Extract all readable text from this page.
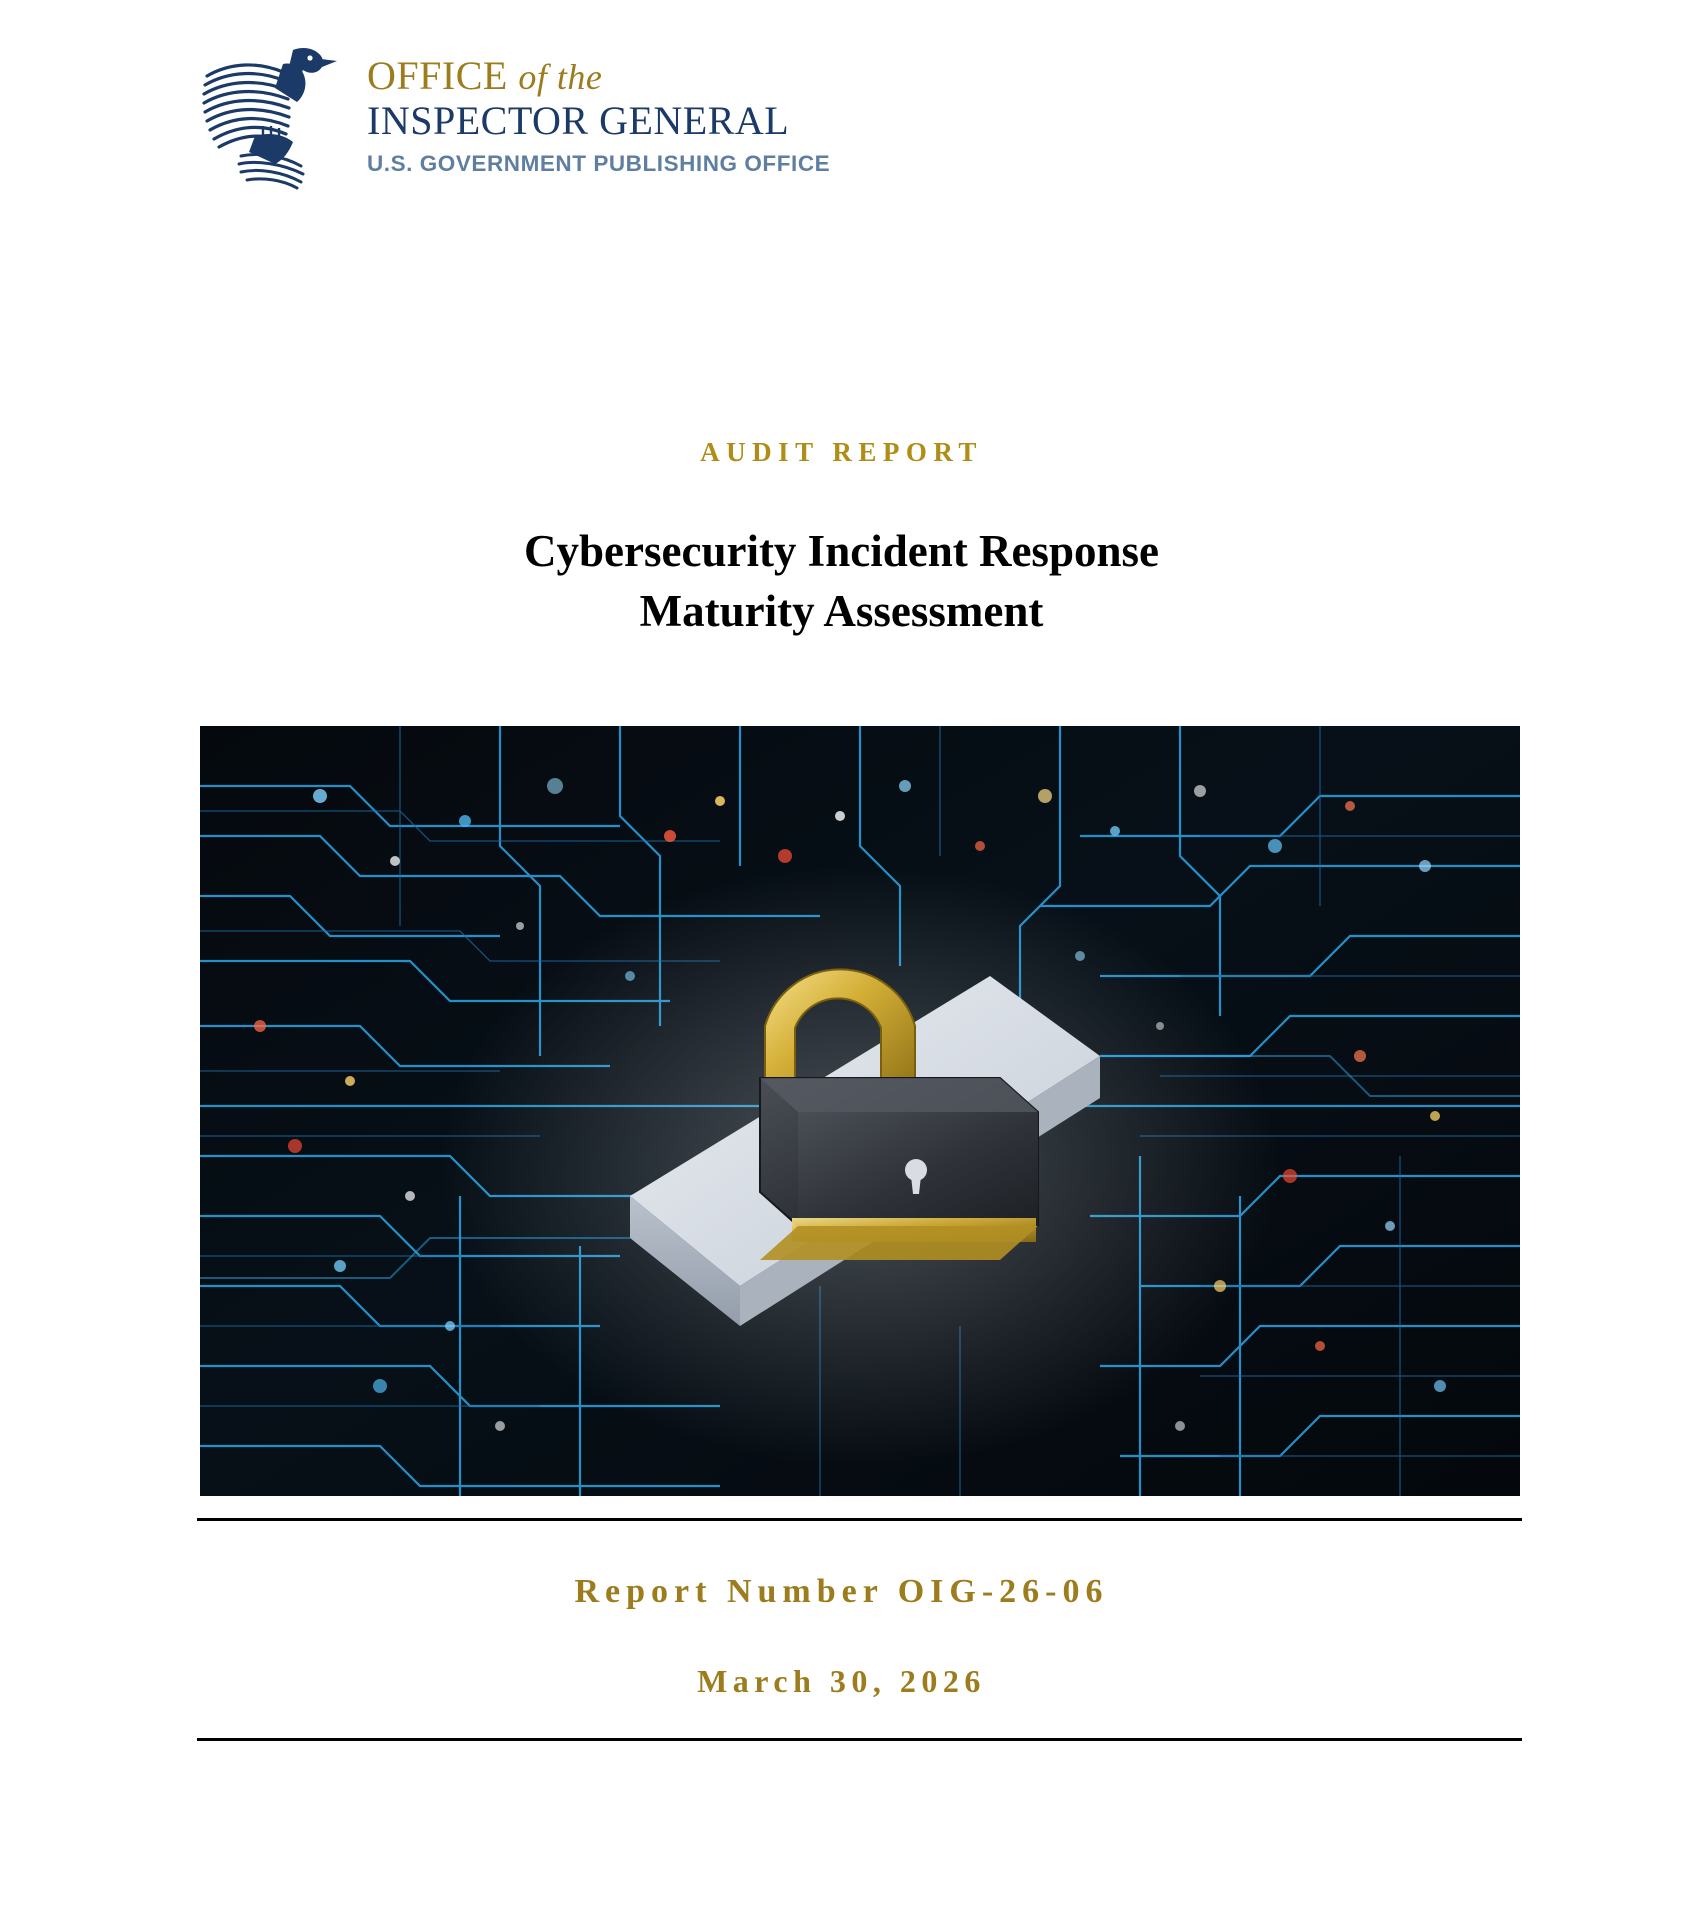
OFFICE of the
INSPECTOR GENERAL
U.S. GOVERNMENT PUBLISHING OFFICE
AUDIT REPORT
Cybersecurity Incident Response
Maturity Assessment
Report Number OIG-26-06
March 30, 2026
